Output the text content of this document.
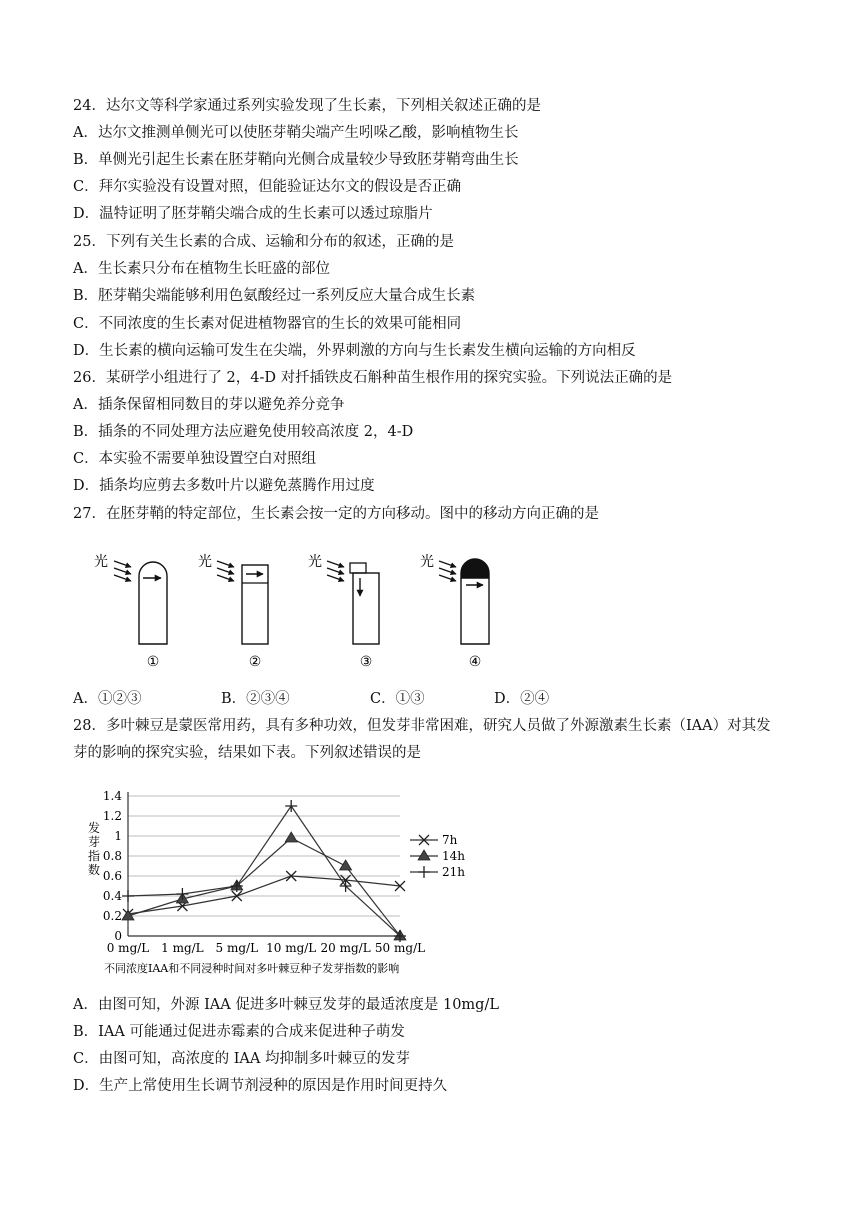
24．达尔文等科学家通过系列实验发现了生长素，下列相关叙述正确的是
A．达尔文推测单侧光可以使胚芽鞘尖端产生吲哚乙酸，影响植物生长
B．单侧光引起生长素在胚芽鞘向光侧合成量较少导致胚芽鞘弯曲生长
C．拜尔实验没有设置对照，但能验证达尔文的假设是否正确
D．温特证明了胚芽鞘尖端合成的生长素可以透过琼脂片
25．下列有关生长素的合成、运输和分布的叙述，正确的是
A．生长素只分布在植物生长旺盛的部位
B．胚芽鞘尖端能够利用色氨酸经过一系列反应大量合成生长素
C．不同浓度的生长素对促进植物器官的生长的效果可能相同
D．生长素的横向运输可发生在尖端，外界刺激的方向与生长素发生横向运输的方向相反
26．某研学小组进行了 2，4-D 对扦插铁皮石斛种苗生根作用的探究实验。下列说法正确的是
A．插条保留相同数目的芽以避免养分竞争
B．插条的不同处理方法应避免使用较高浓度 2，4-D
C．本实验不需要单独设置空白对照组
D．插条均应剪去多数叶片以避免蒸腾作用过度
27．在胚芽鞘的特定部位，生长素会按一定的方向移动。图中的移动方向正确的是
光
①
光
②
光
③
光
④
A．①②③	B．②③④	C．①③	D．②④
28．多叶棘豆是蒙医常用药，具有多种功效，但发芽非常困难，研究人员做了外源激素生长素（IAA）对其发
芽的影响的探究实验，结果如下表。下列叙述错误的是
0
0.2
0.4
0.6
0.8
1
1.2
1.4
0 mg/L 1 mg/L 5 mg/L 10 mg/L 20 mg/L 50 mg/L
发芽指数
不同浓度IAA和不同浸种时间对多叶棘豆种子发芽指数的影响
7h
14h
21h
A．由图可知，外源 IAA 促进多叶棘豆发芽的最适浓度是 10mg/L
B．IAA 可能通过促进赤霉素的合成来促进种子萌发
C．由图可知，高浓度的 IAA 均抑制多叶棘豆的发芽
D．生产上常使用生长调节剂浸种的原因是作用时间更持久
